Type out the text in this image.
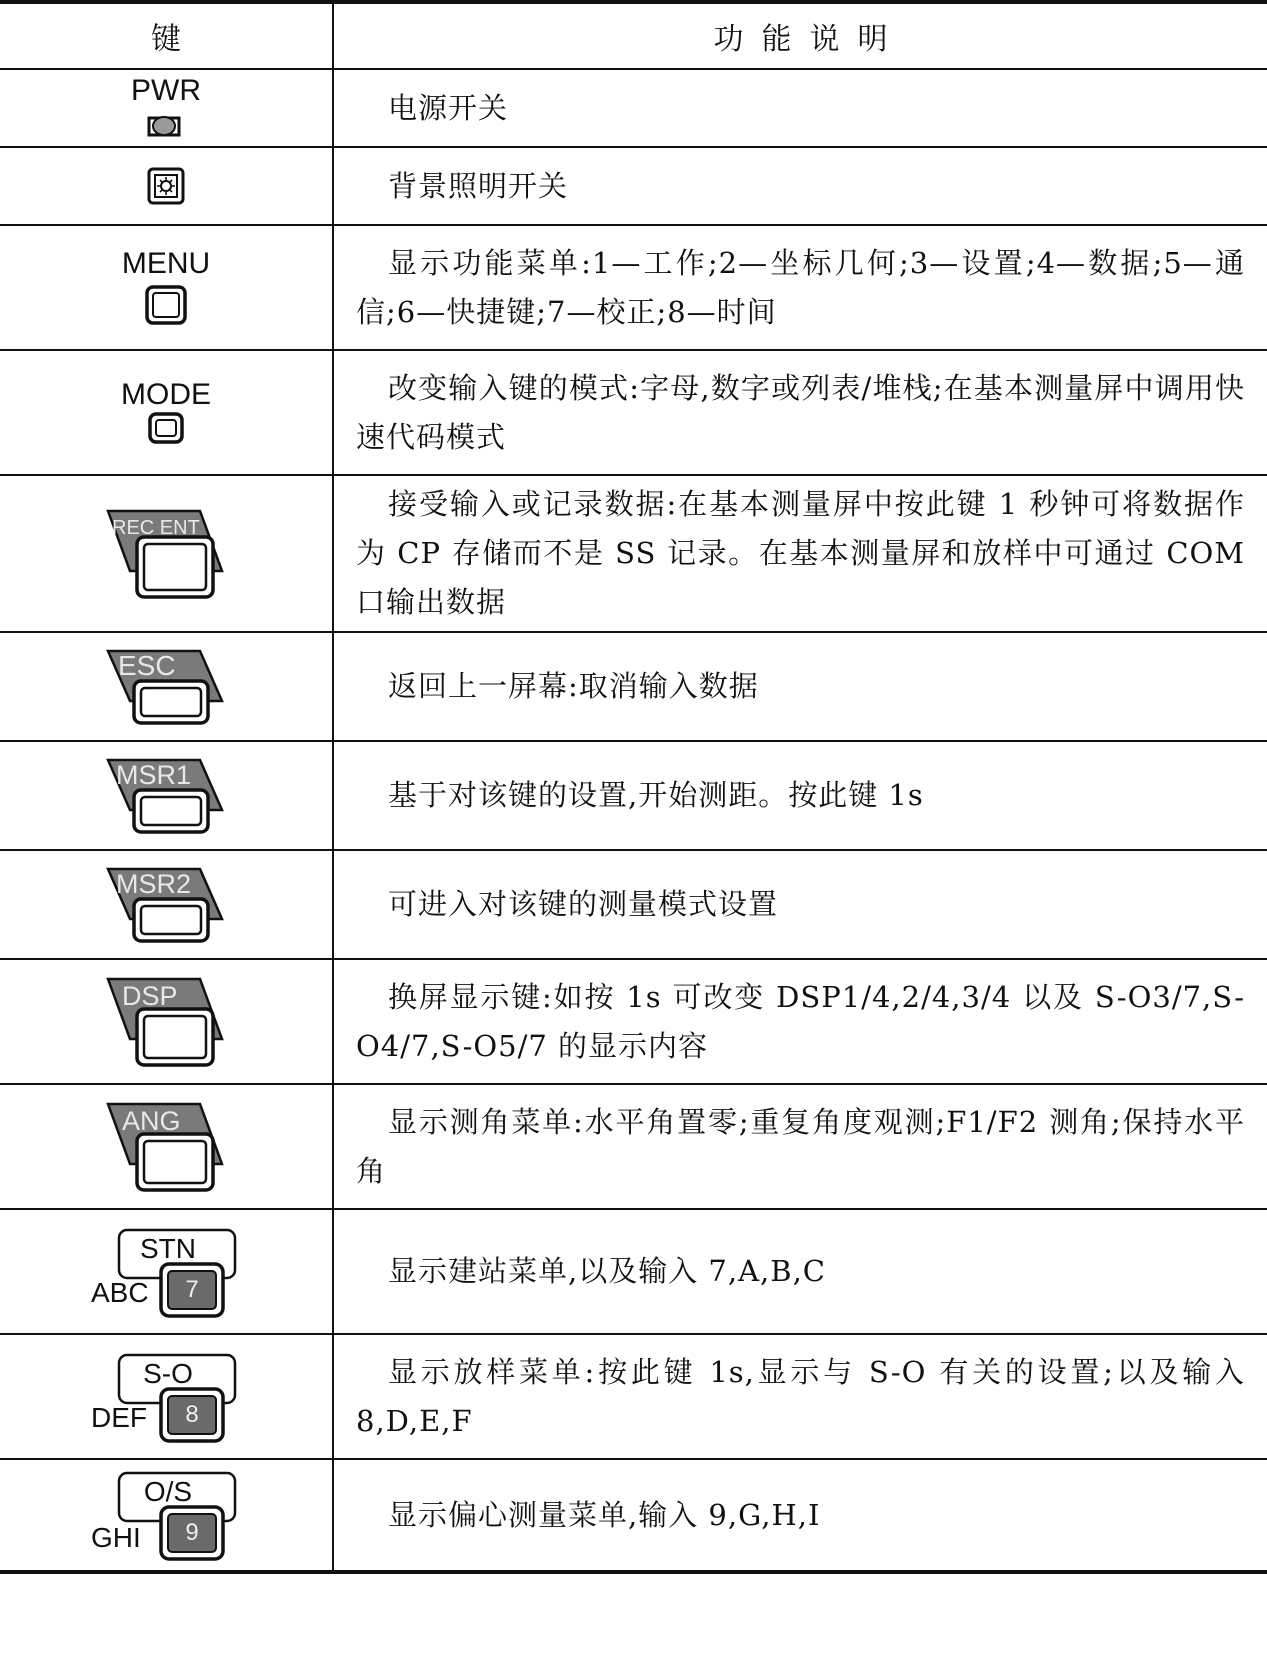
键	功能说明

PWR	电源开关
	背景照明开关

MENU	显示功能菜单:1—工作;2—坐标几何;3—设置;4—数据;5—通信;6—快捷键;7—校正;8—时间

MODE	改变输入键的模式:字母,数字或列表/堆栈;在基本测量屏中调用快速代码模式

REC ENT	接受输入或记录数据:在基本测量屏中按此键 1 秒钟可将数据作为 CP 存储而不是 SS 记录。在基本测量屏和放样中可通过 COM 口输出数据

ESC	返回上一屏幕:取消输入数据

MSR1	基于对该键的设置,开始测距。按此键 1s

MSR2	可进入对该键的测量模式设置

DSP	换屏显示键:如按 1s 可改变 DSP1/4,2/4,3/4 以及 S-O3/7,S-O4/7,S-O5/7 的显示内容

ANG	显示测角菜单:水平角置零;重复角度观测;F1/F2 测角;保持水平角

STN
ABC 7	显示建站菜单,以及输入 7,A,B,C

S-O
DEF 8	显示放样菜单:按此键 1s,显示与 S-O 有关的设置;以及输入 8,D,E,F

O/S
GHI 9	显示偏心测量菜单,输入 9,G,H,I
